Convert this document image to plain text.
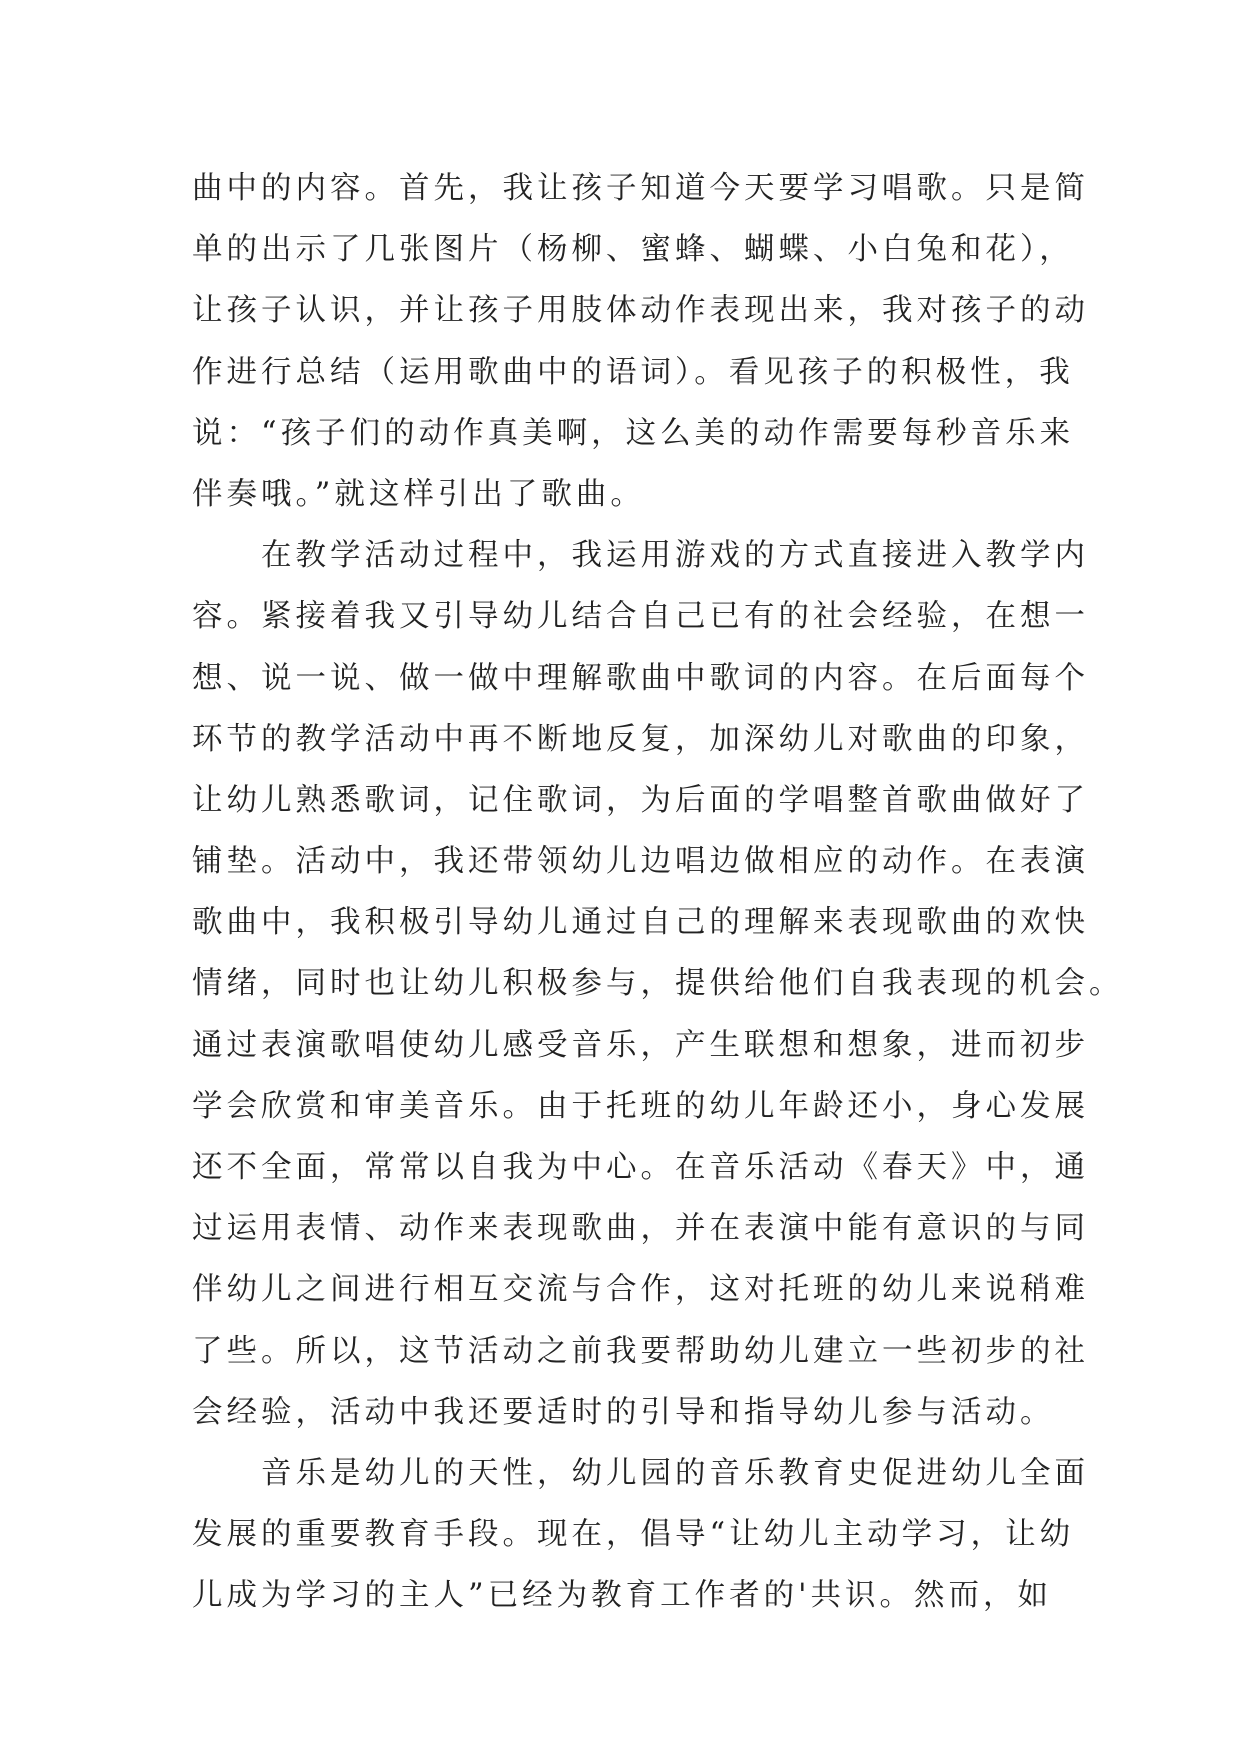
曲中的内容。首先，我让孩子知道今天要学习唱歌。只是简
单的出示了几张图片（杨柳、蜜蜂、蝴蝶、小白兔和花），
让孩子认识，并让孩子用肢体动作表现出来，我对孩子的动
作进行总结（运用歌曲中的语词）。看见孩子的积极性，我
说：“孩子们的动作真美啊，这么美的动作需要每秒音乐来
伴奏哦。”就这样引出了歌曲。
　　在教学活动过程中，我运用游戏的方式直接进入教学内
容。紧接着我又引导幼儿结合自己已有的社会经验，在想一
想、说一说、做一做中理解歌曲中歌词的内容。在后面每个
环节的教学活动中再不断地反复，加深幼儿对歌曲的印象，
让幼儿熟悉歌词，记住歌词，为后面的学唱整首歌曲做好了
铺垫。活动中，我还带领幼儿边唱边做相应的动作。在表演
歌曲中，我积极引导幼儿通过自己的理解来表现歌曲的欢快
情绪，同时也让幼儿积极参与，提供给他们自我表现的机会。
通过表演歌唱使幼儿感受音乐，产生联想和想象，进而初步
学会欣赏和审美音乐。由于托班的幼儿年龄还小，身心发展
还不全面，常常以自我为中心。在音乐活动《春天》中，通
过运用表情、动作来表现歌曲，并在表演中能有意识的与同
伴幼儿之间进行相互交流与合作，这对托班的幼儿来说稍难
了些。所以，这节活动之前我要帮助幼儿建立一些初步的社
会经验，活动中我还要适时的引导和指导幼儿参与活动。
　　音乐是幼儿的天性，幼儿园的音乐教育史促进幼儿全面
发展的重要教育手段。现在，倡导“让幼儿主动学习，让幼
儿成为学习的主人”已经为教育工作者的'共识。然而，如
